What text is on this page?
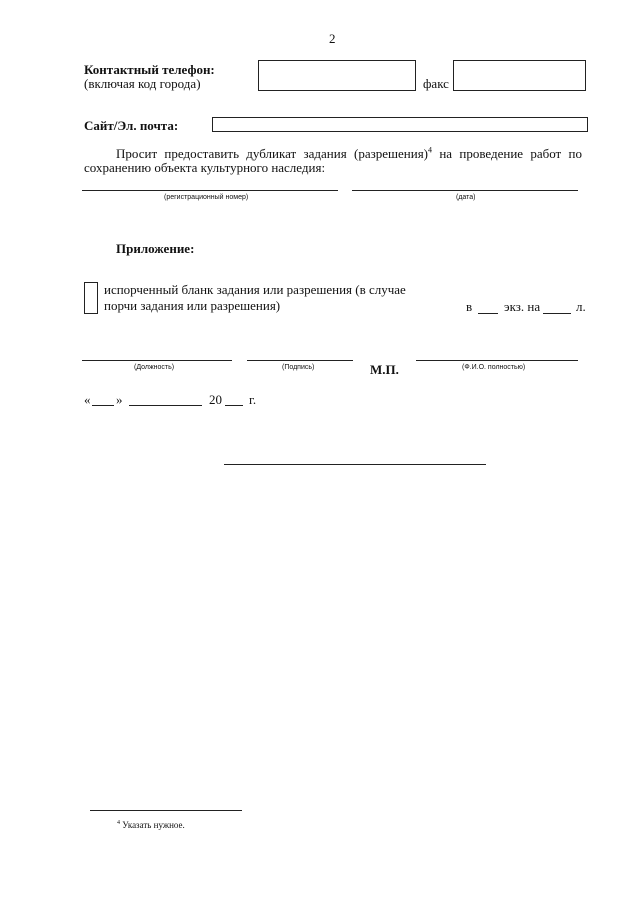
2
Контактный телефон:
(включая код города)	факс
Сайт/Эл. почта:
Просит предоставить дубликат задания (разрешения)$^4$ на проведение работ по
сохранению объекта культурного наследия:
(регистрационный номер)	(дата)
Приложение:
испорченный бланк задания или разрешения (в случае
порчи задания или разрешения)	в экз. на	л.
(Должность)	(Подпись)	М.П.	(Ф.И.О. полностью)
« »	20 г.
$^4$ Указать нужное.
